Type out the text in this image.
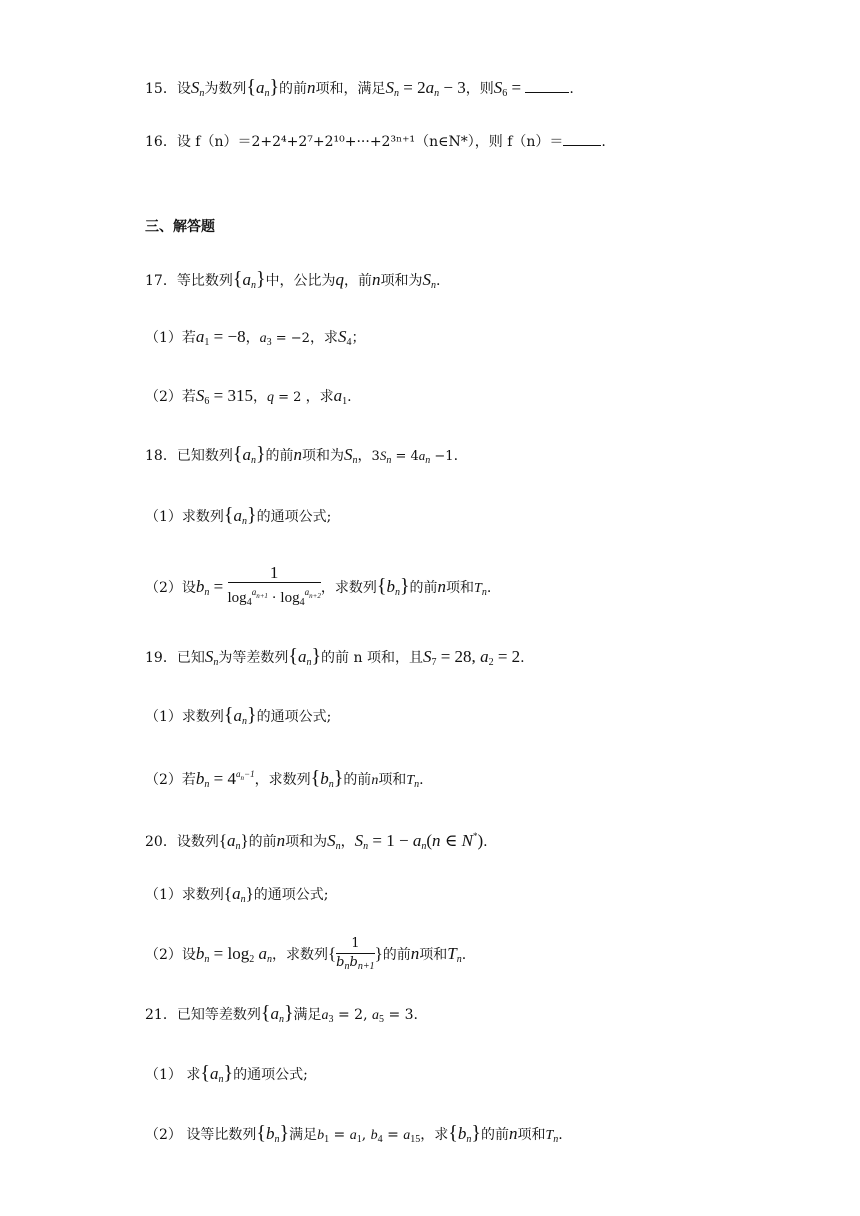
15．设$S_n$为数列$\{a_n\}$的前n项和，满足$S_n = 2a_n - 3$，则$S_6$ =	.
16．设 f（n）＝2+2⁴+2⁷+2¹⁰+···+2³ⁿ⁺¹（n∈N*），则 f（n）＝	.
三、解答题
17．等比数列$\{a_n\}$中，公比为q，前n项和为$S_n$.
（1）若$a_1 = -8$，$a_3 = -2$，求$S_4$；
（2）若$S_6 = 315$，q = 2 ，求$a_1$.
18．已知数列$\{a_n\}$的前n项和为$S_n$，$3S_n = 4a_n -1$.
（1）求数列$\{a_n\}$的通项公式;
（2）设$b_n = \frac{1}{\log_4^{a_{n+1}} \cdot \log_4^{a_{n+2}}}$ ，求数列$\{b_n\}$的前n项和$T_n$.
19．已知$S_n$为等差数列$\{a_n\}$的前 n 项和，且$S_7 = 28$, $a_2 = 2$.
（1）求数列$\{a_n\}$的通项公式;
（2）若$b_n = 4^{a_n-1}$，求数列$\{b_n\}$的前n项和$T_n$.
20．设数列$\{a_n\}$的前n项和为$S_n$，$S_n = 1 - a_n(n$ ∈ N*).
（1）求数列$\{a_n\}$的通项公式;
（2）设$b_n = \log_2 a_n$，求数列{ $\frac{1}{b_nb_{n+1}}$ }的前n项和$T_n$.
21．已知等差数列$\{a_n\}$满足$a_3 = 2$, $a_5 = 3$.
（1） 求$\{a_n\}$的通项公式;
（2） 设等比数列$\{b_n\}$满足$b_1 = a_1$, $b_4 = a_{15}$，求$\{b_n\}$的前n项和$T_n$.
